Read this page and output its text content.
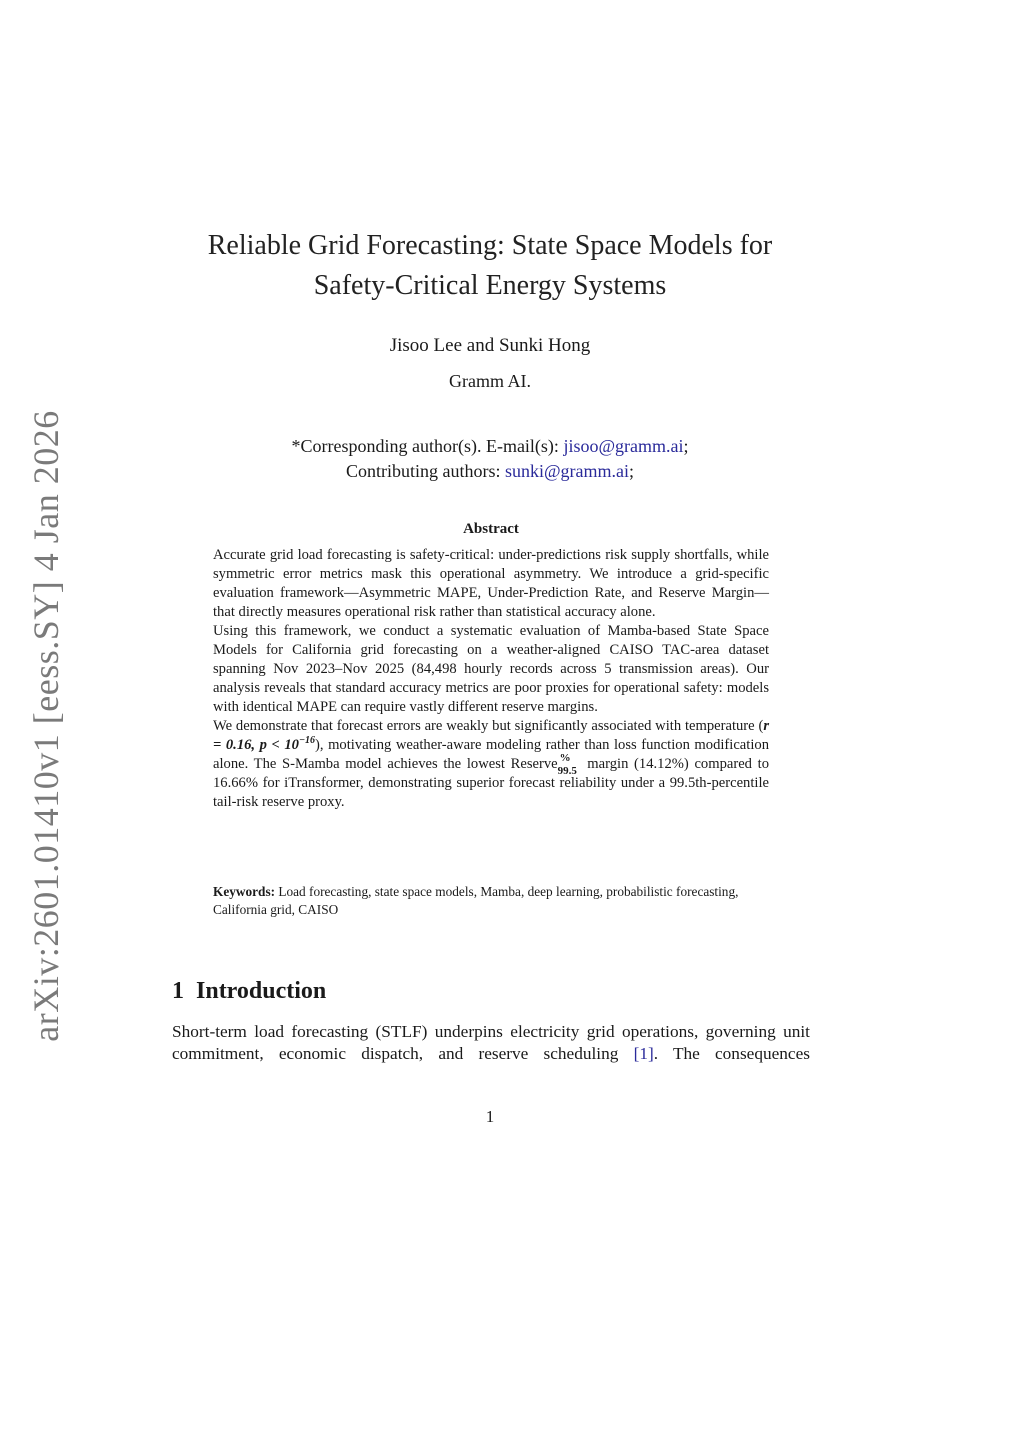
arXiv:2601.01410v1 [eess.SY] 4 Jan 2026
Reliable Grid Forecasting: State Space Models for
Safety-Critical Energy Systems
Jisoo Lee and Sunki Hong
Gramm AI.
*Corresponding author(s). E-mail(s): jisoo@gramm.ai;
Contributing authors: sunki@gramm.ai;
Abstract

Accurate grid load forecasting is safety-critical: under-predictions risk supply shortfalls, while symmetric error metrics mask this operational asymmetry. We introduce a grid-specific evaluation framework—Asymmetric MAPE, Under-Prediction Rate, and Reserve Margin—that directly measures operational risk rather than statistical accuracy alone.

Using this framework, we conduct a systematic evaluation of Mamba-based State Space Models for California grid forecasting on a weather-aligned CAISO TAC-area dataset spanning Nov 2023–Nov 2025 (84,498 hourly records across 5 transmission areas). Our analysis reveals that standard accuracy metrics are poor proxies for operational safety: models with identical MAPE can require vastly different reserve margins.

We demonstrate that forecast errors are weakly but significantly associated with temperature (r = 0.16, $p < 10^{-16}$), motivating weather-aware modeling rather than loss function modification alone. The S-Mamba model achieves the lowest Reserve %
99.5 margin (14.12%) compared to 16.66% for iTransformer, demonstrating superior forecast reliability under a 99.5th-percentile tail-risk reserve proxy.

Keywords: Load forecasting, state space models, Mamba, deep learning, probabilistic forecasting, California grid, CAISO
1 Introduction

Short-term load forecasting (STLF) underpins electricity grid operations, governing unit commitment, economic dispatch, and reserve scheduling [1]. The consequences

1
